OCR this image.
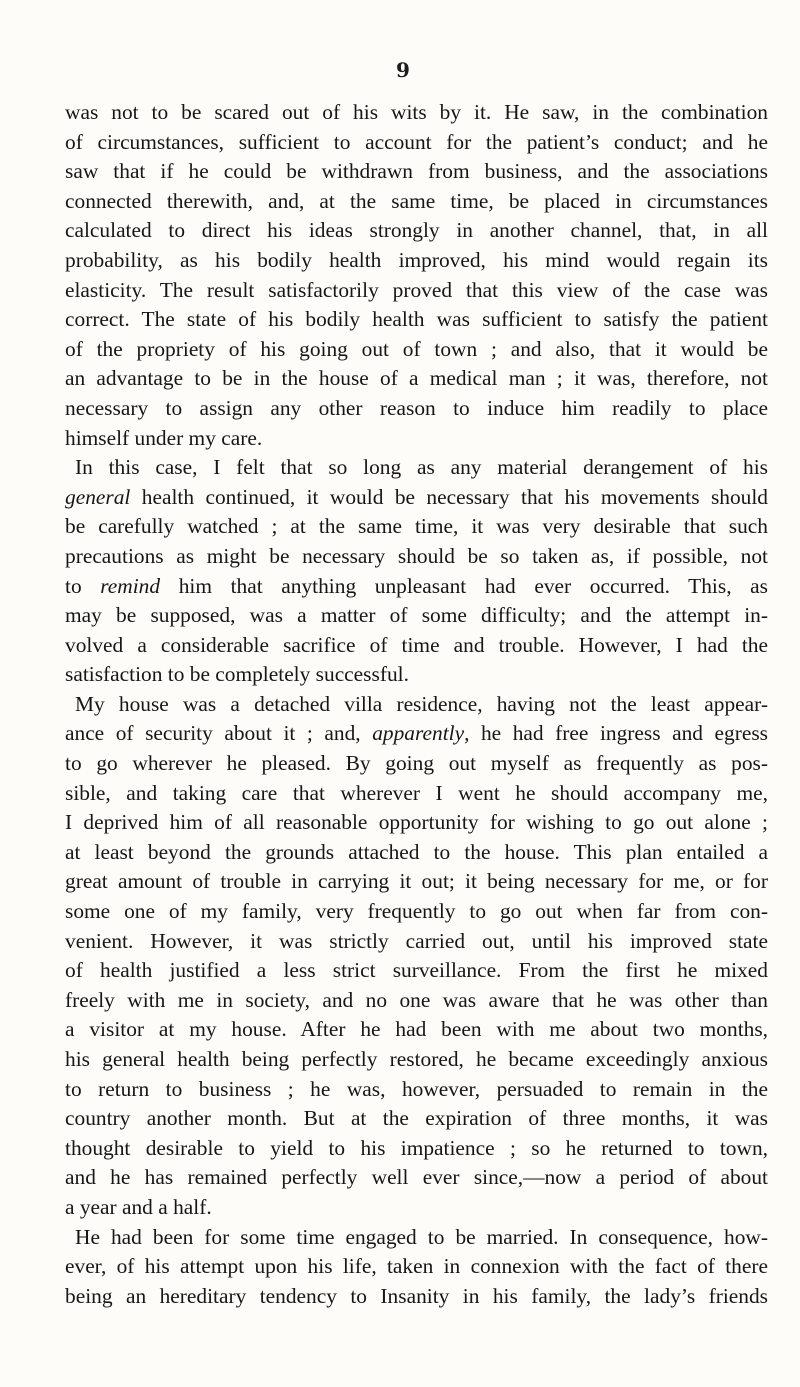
9

was not to be scared out of his wits by it. He saw, in the combination
of circumstances, sufficient to account for the patient’s conduct; and he
saw that if he could be withdrawn from business, and the associations
connected therewith, and, at the same time, be placed in circumstances
calculated to direct his ideas strongly in another channel, that, in all
probability, as his bodily health improved, his mind would regain its
elasticity. The result satisfactorily proved that this view of the case was
correct. The state of his bodily health was sufficient to satisfy the patient
of the propriety of his going out of town ; and also, that it would be
an advantage to be in the house of a medical man ; it was, therefore, not
necessary to assign any other reason to induce him readily to place
himself under my care.

In this case, I felt that so long as any material derangement of his
general health continued, it would be necessary that his movements should
be carefully watched ; at the same time, it was very desirable that such
precautions as might be necessary should be so taken as, if possible, not
to remind him that anything unpleasant had ever occurred. This, as
may be supposed, was a matter of some difficulty; and the attempt in-
volved a considerable sacrifice of time and trouble. However, I had the
satisfaction to be completely successful.

My house was a detached villa residence, having not the least appear-
ance of security about it ; and, apparently, he had free ingress and egress
to go wherever he pleased. By going out myself as frequently as pos-
sible, and taking care that wherever I went he should accompany me,
I deprived him of all reasonable opportunity for wishing to go out alone ;
at least beyond the grounds attached to the house. This plan entailed a
great amount of trouble in carrying it out; it being necessary for me, or for
some one of my family, very frequently to go out when far from con-
venient. However, it was strictly carried out, until his improved state
of health justified a less strict surveillance. From the first he mixed
freely with me in society, and no one was aware that he was other than
a visitor at my house. After he had been with me about two months,
his general health being perfectly restored, he became exceedingly anxious
to return to business ; he was, however, persuaded to remain in the
country another month. But at the expiration of three months, it was
thought desirable to yield to his impatience ; so he returned to town,
and he has remained perfectly well ever since,—now a period of about
a year and a half.

He had been for some time engaged to be married. In consequence, how-
ever, of his attempt upon his life, taken in connexion with the fact of there
being an hereditary tendency to Insanity in his family, the lady’s friends
